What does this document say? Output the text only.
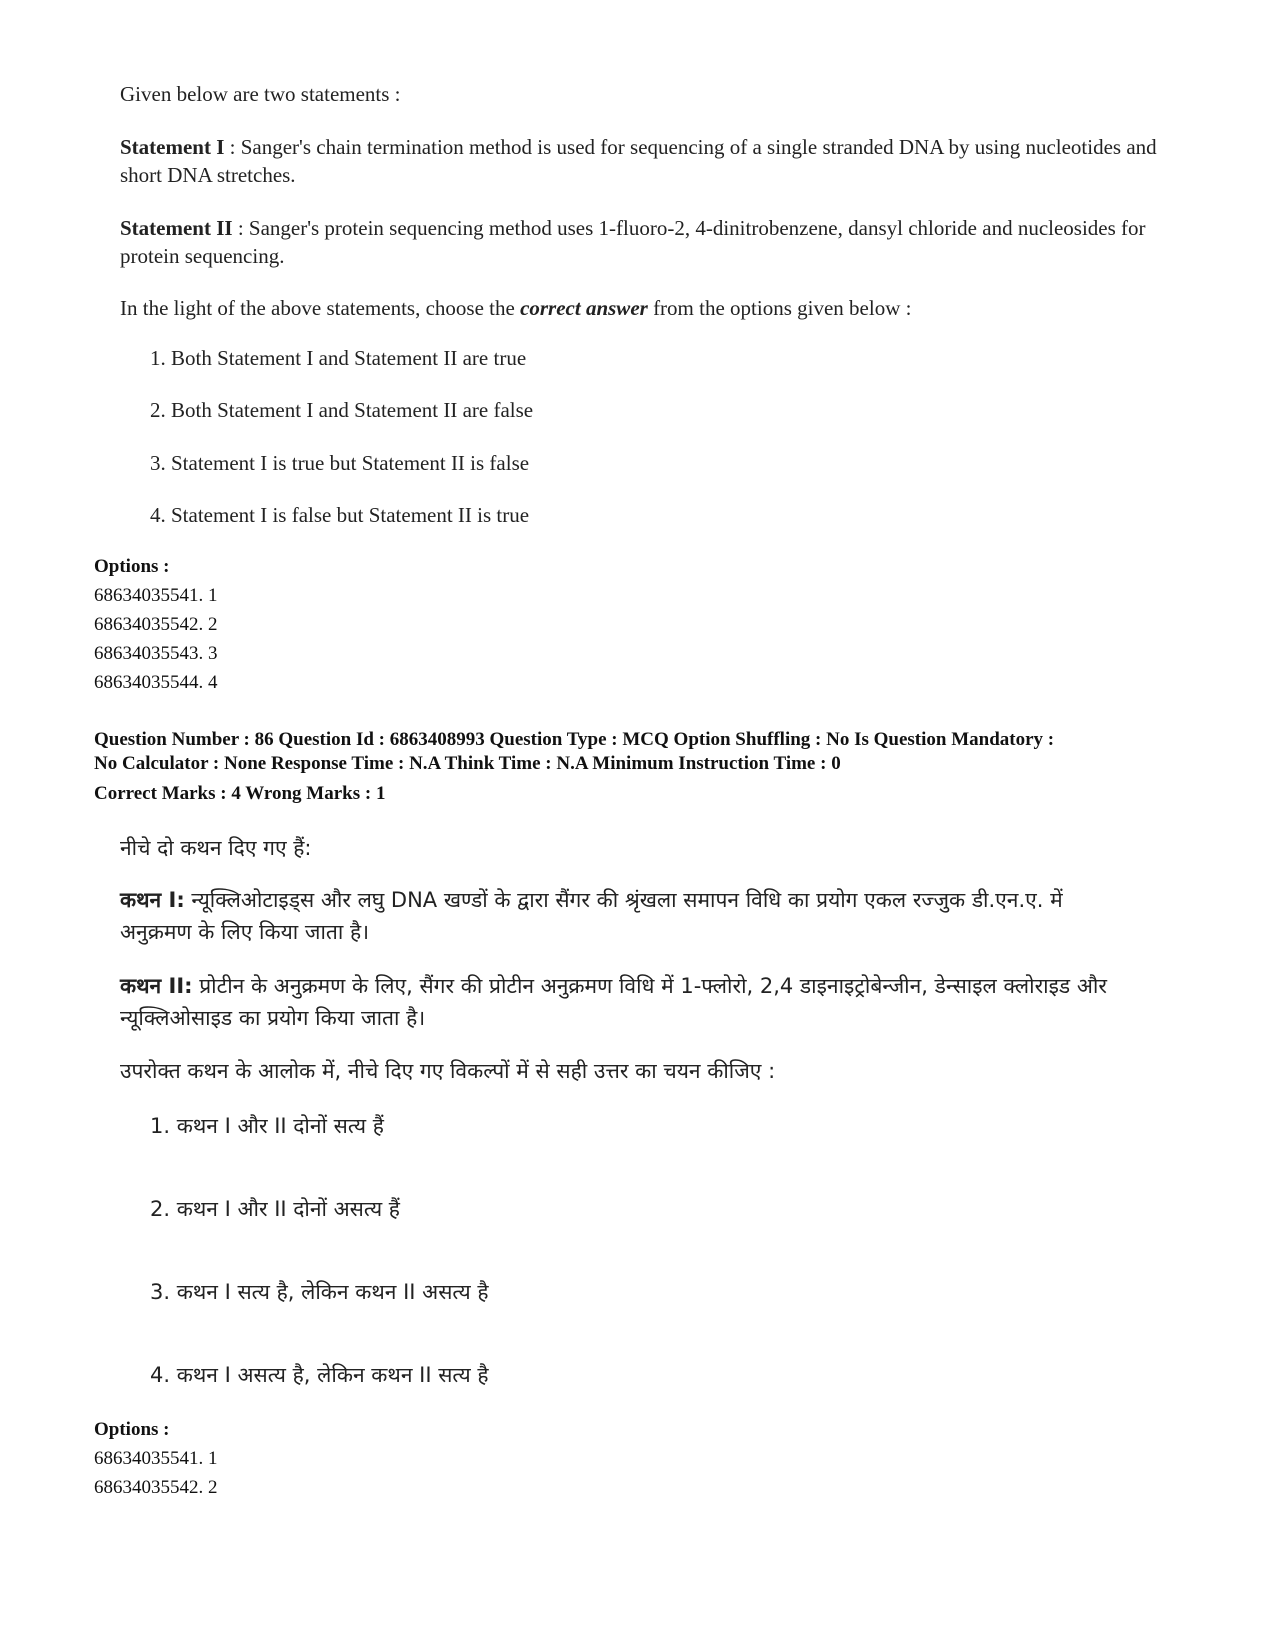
Given below are two statements :

Statement I : Sanger's chain termination method is used for sequencing of a single stranded DNA by using nucleotides and short DNA stretches.

Statement II : Sanger's protein sequencing method uses 1-fluoro-2, 4-dinitrobenzene, dansyl chloride and nucleosides for protein sequencing.

In the light of the above statements, choose the correct answer from the options given below :

1. Both Statement I and Statement II are true
2. Both Statement I and Statement II are false
3. Statement I is true but Statement II is false
4. Statement I is false but Statement II is true
Options :
68634035541. 1
68634035542. 2
68634035543. 3
68634035544. 4
Question Number : 86 Question Id : 6863408993 Question Type : MCQ Option Shuffling : No Is Question Mandatory :
No Calculator : None Response Time : N.A Think Time : N.A Minimum Instruction Time : 0
Correct Marks : 4 Wrong Marks : 1

नीचे दो कथन दिए गए हैं:

कथन I: न्यूक्लिओटाइड्स और लघु DNA खण्डों के द्वारा सैंगर की श्रृंखला समापन विधि का प्रयोग एकल रज्जुक डी.एन.ए. में अनुक्रमण के लिए किया जाता है।

कथन II: प्रोटीन के अनुक्रमण के लिए, सैंगर की प्रोटीन अनुक्रमण विधि में 1-फ्लोरो, 2,4 डाइनाइट्रोबेन्जीन, डेन्साइल क्लोराइड और न्यूक्लिओसाइड का प्रयोग किया जाता है।

उपरोक्त कथन के आलोक में, नीचे दिए गए विकल्पों में से सही उत्तर का चयन कीजिए :

1. कथन I और II दोनों सत्य हैं
2. कथन I और II दोनों असत्य हैं
3. कथन I सत्य है, लेकिन कथन II असत्य है
4. कथन I असत्य है, लेकिन कथन II सत्य है
Options :
68634035541. 1
68634035542. 2
